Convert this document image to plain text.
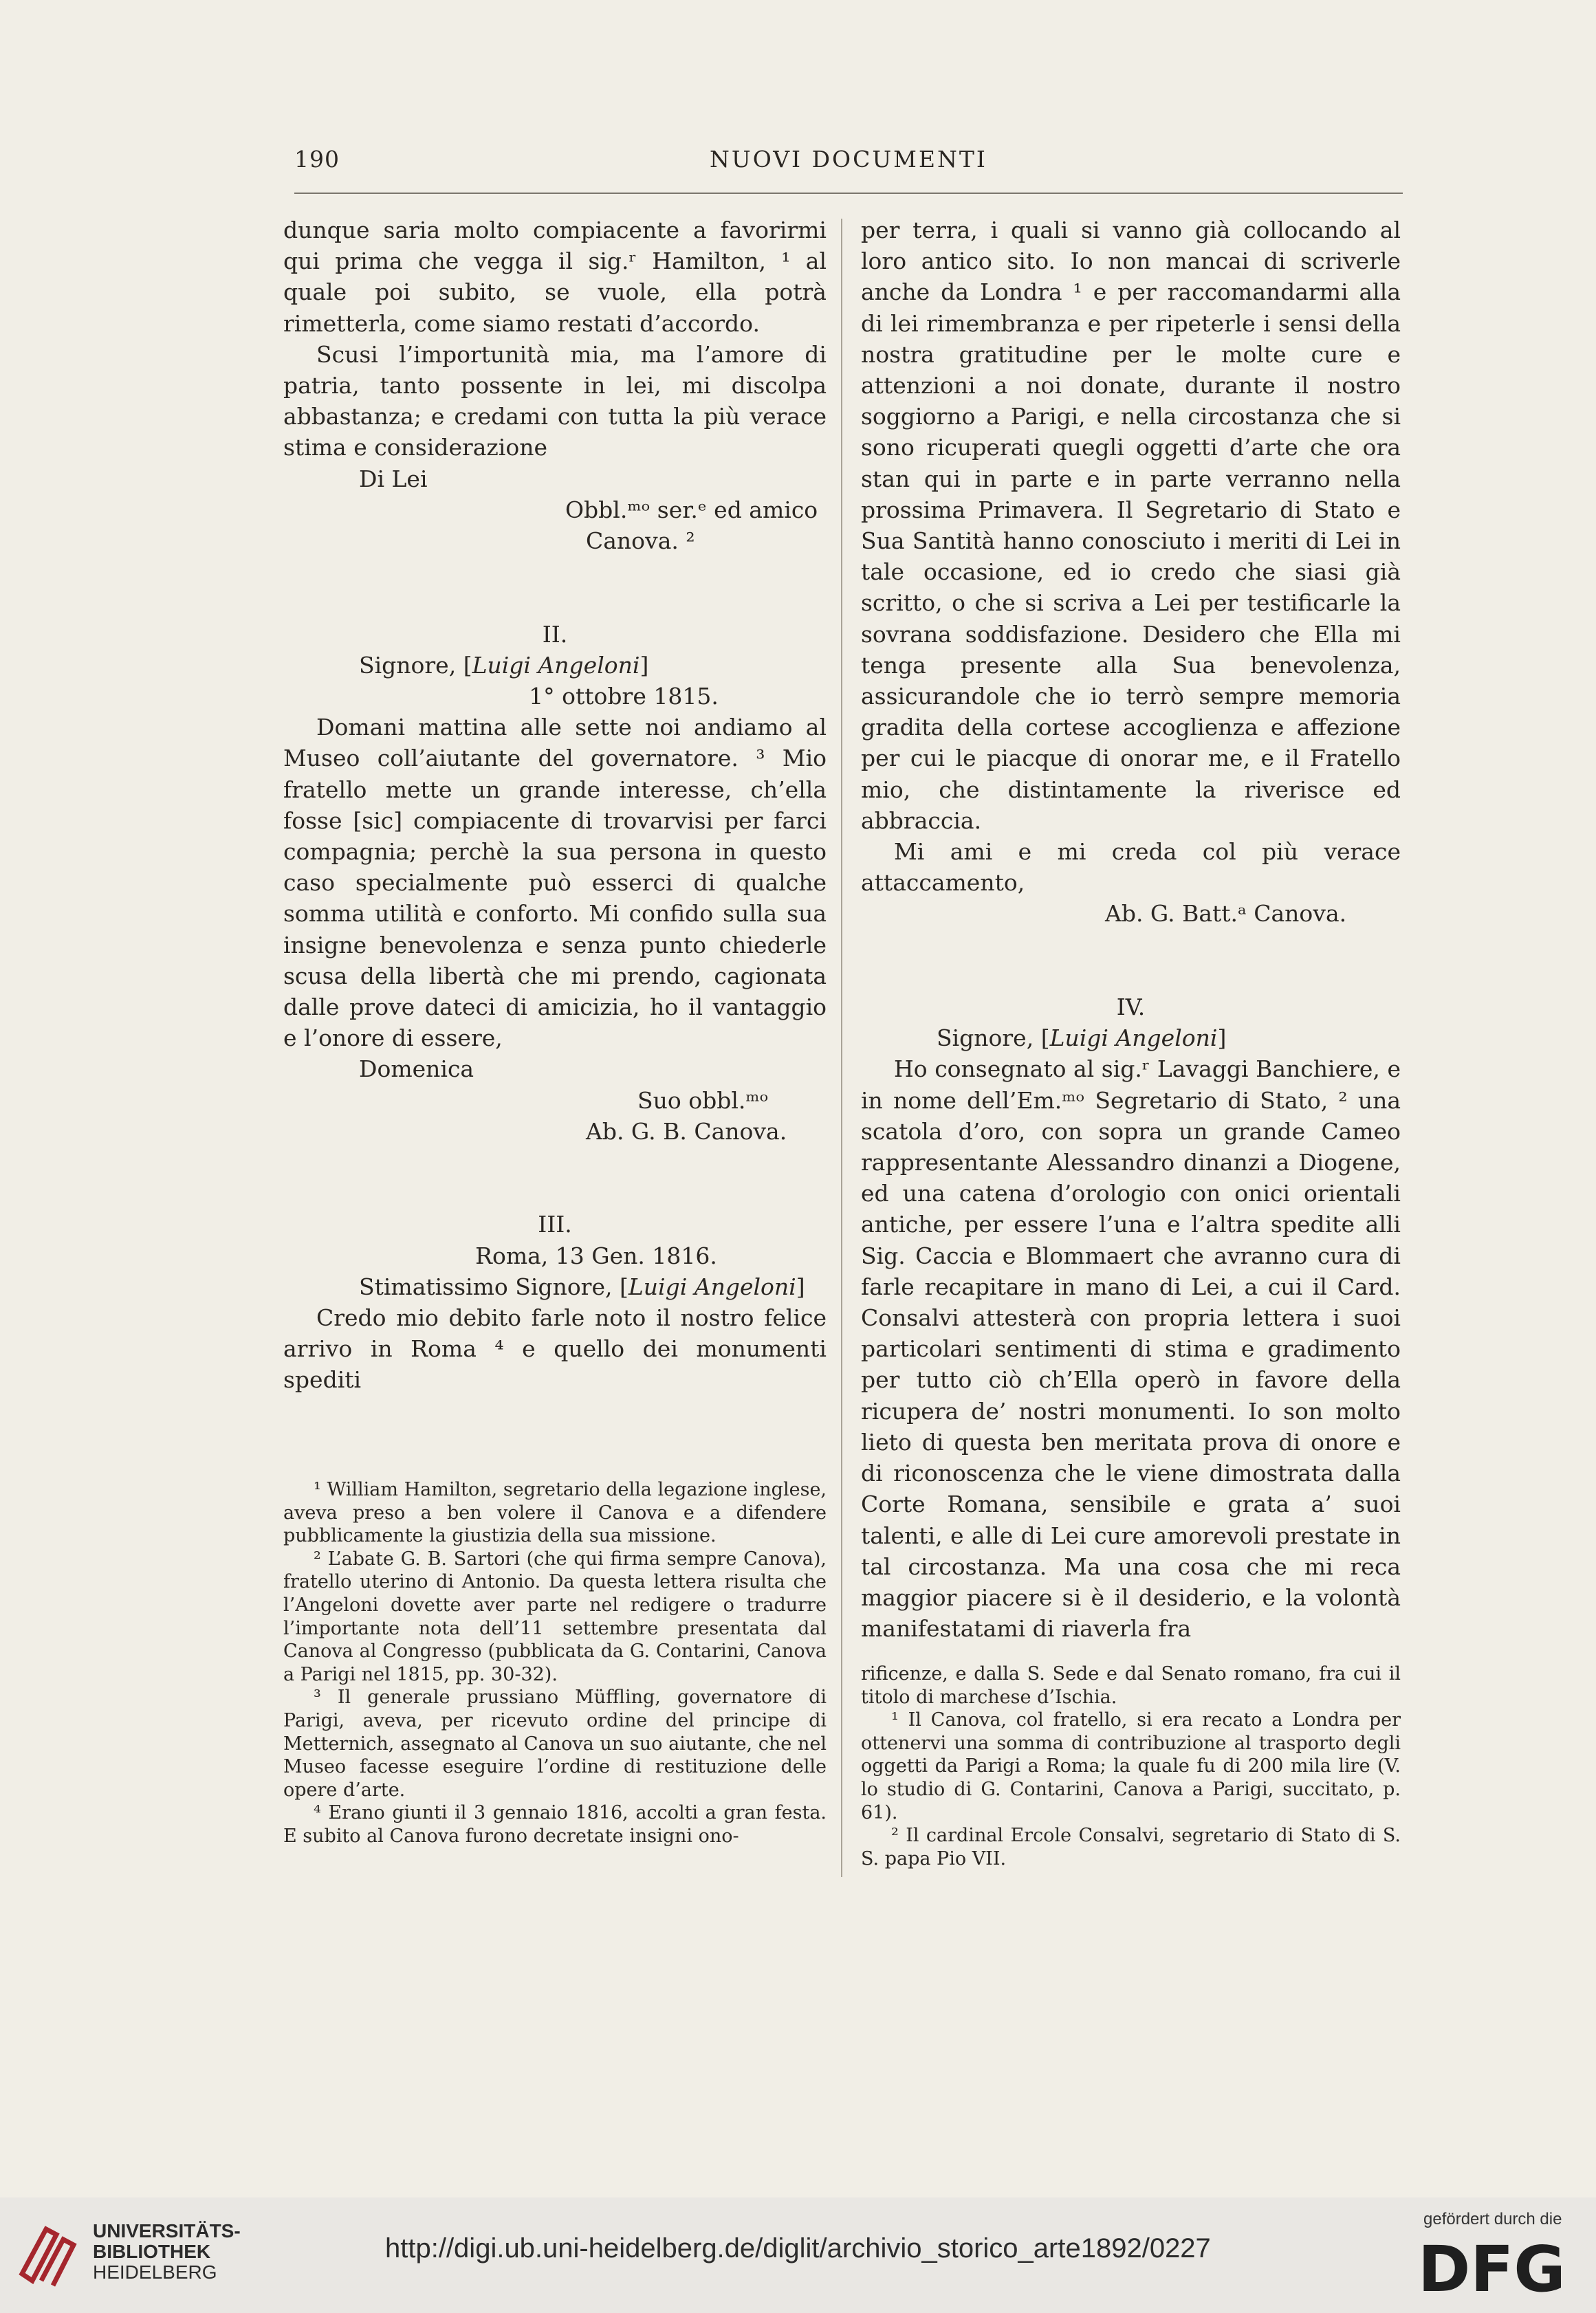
190	NUOVI DOCUMENTI

dunque saria molto compiacente a favorirmi qui prima che vegga il sig.ʳ Hamilton, ¹ al quale poi subito, se vuole, ella potrà rimetterla, come siamo restati d’accordo.

Scusi l’importunità mia, ma l’amore di patria, tanto possente in lei, mi discolpa abbastanza; e credami con tutta la più verace stima e considerazione

Di Lei
Obbl.ᵐᵒ ser.ᵉ ed amico
Canova. ²
II.
Signore, [Luigi Angeloni]
1° ottobre 1815.

Domani mattina alle sette noi andiamo al Museo coll’aiutante del governatore. ³ Mio fratello mette un grande interesse, ch’ella fosse [sic] compiacente di trovarvisi per farci compagnia; perchè la sua persona in questo caso specialmente può esserci di qualche somma utilità e conforto. Mi confido sulla sua insigne benevolenza e senza punto chiederle scusa della libertà che mi prendo, cagionata dalle prove dateci di amicizia, ho il vantaggio e l’onore di essere,

Domenica
Suo obbl.ᵐᵒ
Ab. G. B. Canova.
III.
Roma, 13 Gen. 1816.
Stimatissimo Signore, [Luigi Angeloni]

Credo mio debito farle noto il nostro felice arrivo in Roma ⁴ e quello dei monumenti spediti

¹ William Hamilton, segretario della legazione inglese, aveva preso a ben volere il Canova e a difendere pubblicamente la giustizia della sua missione.

² L’abate G. B. Sartori (che qui firma sempre Canova), fratello uterino di Antonio. Da questa lettera risulta che l’Angeloni dovette aver parte nel redigere o tradurre l’importante nota dell’11 settembre presentata dal Canova al Congresso (pubblicata da G. Contarini, Canova a Parigi nel 1815, pp. 30-32).

³ Il generale prussiano Müffling, governatore di Parigi, aveva, per ricevuto ordine del principe di Metternich, assegnato al Canova un suo aiutante, che nel Museo facesse eseguire l’ordine di restituzione delle opere d’arte.

⁴ Erano giunti il 3 gennaio 1816, accolti a gran festa. E subito al Canova furono decretate insigni ono-

per terra, i quali si vanno già collocando al loro antico sito. Io non mancai di scriverle anche da Londra ¹ e per raccomandarmi alla di lei rimembranza e per ripeterle i sensi della nostra gratitudine per le molte cure e attenzioni a noi donate, durante il nostro soggiorno a Parigi, e nella circostanza che si sono ricuperati quegli oggetti d’arte che ora stan qui in parte e in parte verranno nella prossima Primavera. Il Segretario di Stato e Sua Santità hanno conosciuto i meriti di Lei in tale occasione, ed io credo che siasi già scritto, o che si scriva a Lei per testificarle la sovrana soddisfazione. Desidero che Ella mi tenga presente alla Sua benevolenza, assicurandole che io terrò sempre memoria gradita della cortese accoglienza e affezione per cui le piacque di onorar me, e il Fratello mio, che distintamente la riverisce ed abbraccia.

Mi ami e mi creda col più verace attaccamento,

Ab. G. Batt.ᵃ Canova.
IV.
Signore, [Luigi Angeloni]

Ho consegnato al sig.ʳ Lavaggi Banchiere, e in nome dell’Em.ᵐᵒ Segretario di Stato, ² una scatola d’oro, con sopra un grande Cameo rappresentante Alessandro dinanzi a Diogene, ed una catena d’orologio con onici orientali antiche, per essere l’una e l’altra spedite alli Sig. Caccia e Blommaert che avranno cura di farle recapitare in mano di Lei, a cui il Card. Consalvi attesterà con propria lettera i suoi particolari sentimenti di stima e gradimento per tutto ciò ch’Ella operò in favore della ricupera de’ nostri monumenti. Io son molto lieto di questa ben meritata prova di onore e di riconoscenza che le viene dimostrata dalla Corte Romana, sensibile e grata a’ suoi talenti, e alle di Lei cure amorevoli prestate in tal circostanza. Ma una cosa che mi reca maggior piacere si è il desiderio, e la volontà manifestatami di riaverla fra

rificenze, e dalla S. Sede e dal Senato romano, fra cui il titolo di marchese d’Ischia.

¹ Il Canova, col fratello, si era recato a Londra per ottenervi una somma di contribuzione al trasporto degli oggetti da Parigi a Roma; la quale fu di 200 mila lire (V. lo studio di G. Contarini, Canova a Parigi, succitato, p. 61).

² Il cardinal Ercole Consalvi, segretario di Stato di S. S. papa Pio VII.

UNIVERSITÄTS-
BIBLIOTHEK
HEIDELBERG
http://digi.ub.uni-heidelberg.de/diglit/archivio_storico_arte1892/0227
gefördert durch die
DFG
